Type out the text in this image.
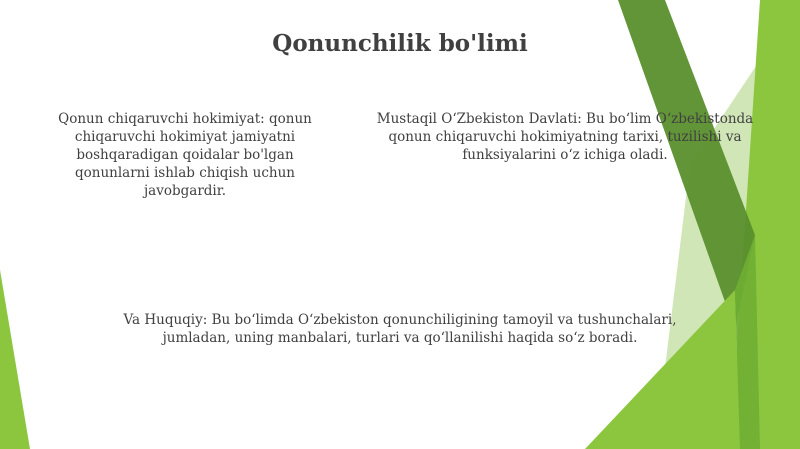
Qonunchilik bo'limi
Qonun chiqaruvchi hokimiyat: qonun chiqaruvchi hokimiyat jamiyatni boshqaradigan qoidalar bo'lgan qonunlarni ishlab chiqish uchun javobgardir.
Mustaqil O‘Zbekiston Davlati: Bu bo‘lim O‘zbekistonda qonun chiqaruvchi hokimiyatning tarixi, tuzilishi va funksiyalarini o‘z ichiga oladi.
Va Huquqiy: Bu bo‘limda O‘zbekiston qonunchiligining tamoyil va tushunchalari, jumladan, uning manbalari, turlari va qo‘llanilishi haqida so‘z boradi.
